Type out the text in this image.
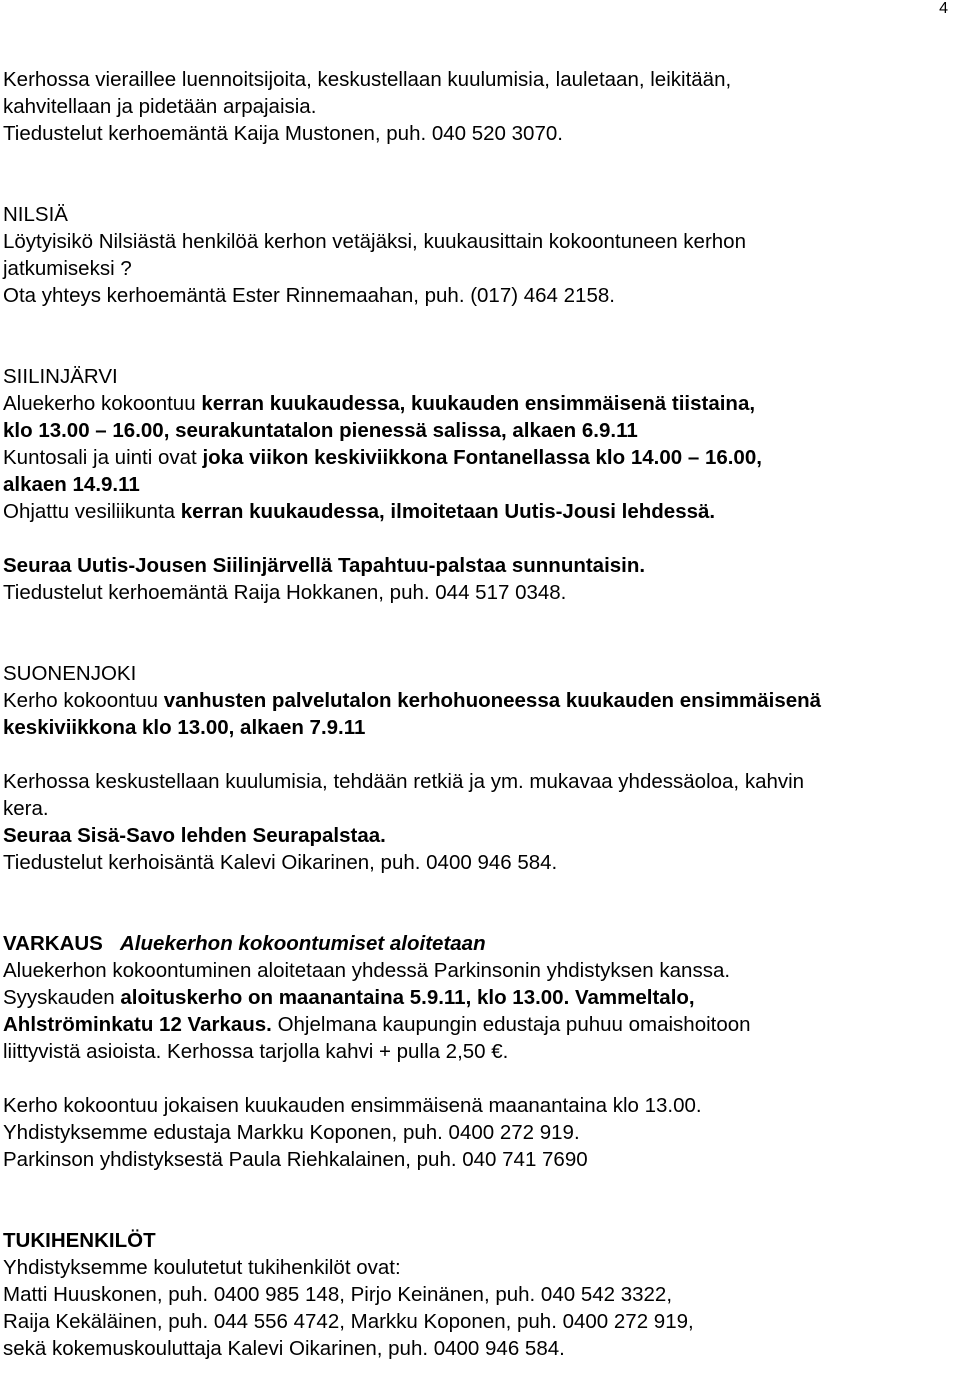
4

Kerhossa vieraillee luennoitsijoita, keskustellaan kuulumisia, lauletaan, leikitään,

kahvitellaan ja pidetään arpajaisia.

Tiedustelut kerhoemäntä Kaija Mustonen, puh. 040 520 3070.

NILSIÄ

Löytyisikö Nilsiästä henkilöä kerhon vetäjäksi, kuukausittain kokoontuneen kerhon

jatkumiseksi ?

Ota yhteys kerhoemäntä Ester Rinnemaahan, puh. (017) 464 2158.

SIILINJÄRVI

Aluekerho kokoontuu kerran kuukaudessa, kuukauden ensimmäisenä tiistaina,

klo 13.00 – 16.00, seurakuntatalon pienessä salissa, alkaen 6.9.11

Kuntosali ja uinti ovat joka viikon keskiviikkona Fontanellassa klo 14.00 – 16.00,

alkaen 14.9.11

Ohjattu vesiliikunta kerran kuukaudessa, ilmoitetaan Uutis-Jousi lehdessä.

Seuraa Uutis-Jousen Siilinjärvellä Tapahtuu-palstaa sunnuntaisin.

Tiedustelut kerhoemäntä Raija Hokkanen, puh. 044 517 0348.

SUONENJOKI

Kerho kokoontuu vanhusten palvelutalon kerhohuoneessa kuukauden ensimmäisenä

keskiviikkona klo 13.00, alkaen 7.9.11

Kerhossa keskustellaan kuulumisia, tehdään retkiä ja ym. mukavaa yhdessäoloa, kahvin

kera.

Seuraa Sisä-Savo lehden Seurapalstaa.

Tiedustelut kerhoisäntä Kalevi Oikarinen, puh. 0400 946 584.

VARKAUS Aluekerhon kokoontumiset aloitetaan

Aluekerhon kokoontuminen aloitetaan yhdessä Parkinsonin yhdistyksen kanssa.

Syyskauden aloituskerho on maanantaina 5.9.11, klo 13.00. Vammeltalo,

Ahlströminkatu 12 Varkaus. Ohjelmana kaupungin edustaja puhuu omaishoitoon

liittyvistä asioista. Kerhossa tarjolla kahvi + pulla 2,50 €.

Kerho kokoontuu jokaisen kuukauden ensimmäisenä maanantaina klo 13.00.

Yhdistyksemme edustaja Markku Koponen, puh. 0400 272 919.

Parkinson yhdistyksestä Paula Riehkalainen, puh. 040 741 7690

TUKIHENKILÖT

Yhdistyksemme koulutetut tukihenkilöt ovat:

Matti Huuskonen, puh. 0400 985 148, Pirjo Keinänen, puh. 040 542 3322,

Raija Kekäläinen, puh. 044 556 4742, Markku Koponen, puh. 0400 272 919,

sekä kokemuskouluttaja Kalevi Oikarinen, puh. 0400 946 584.
